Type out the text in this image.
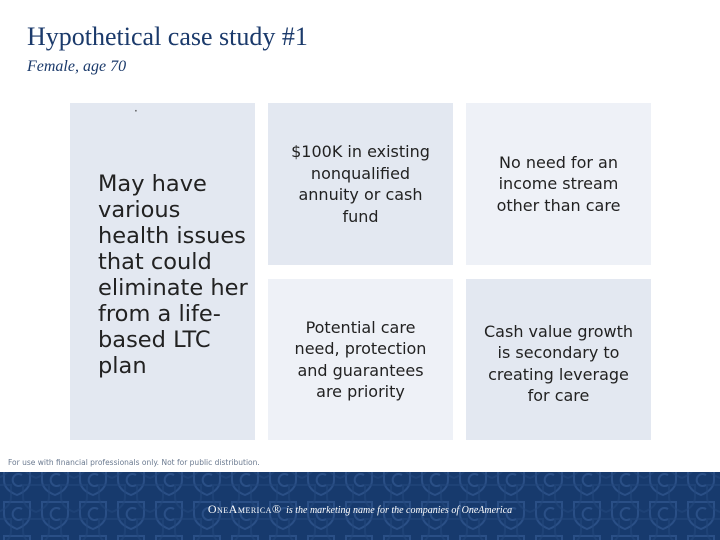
Hypothetical case study #1
Female, age 70
May have various health issues that could eliminate her from a life-based LTC plan
·
$100K in existing nonqualified annuity or cash fund
No need for an income stream other than care
Potential care need, protection and guarantees are priority
Cash value growth is secondary to creating leverage for care
For use with financial professionals only. Not for public distribution.
OneAmerica® is the marketing name for the companies of OneAmerica
